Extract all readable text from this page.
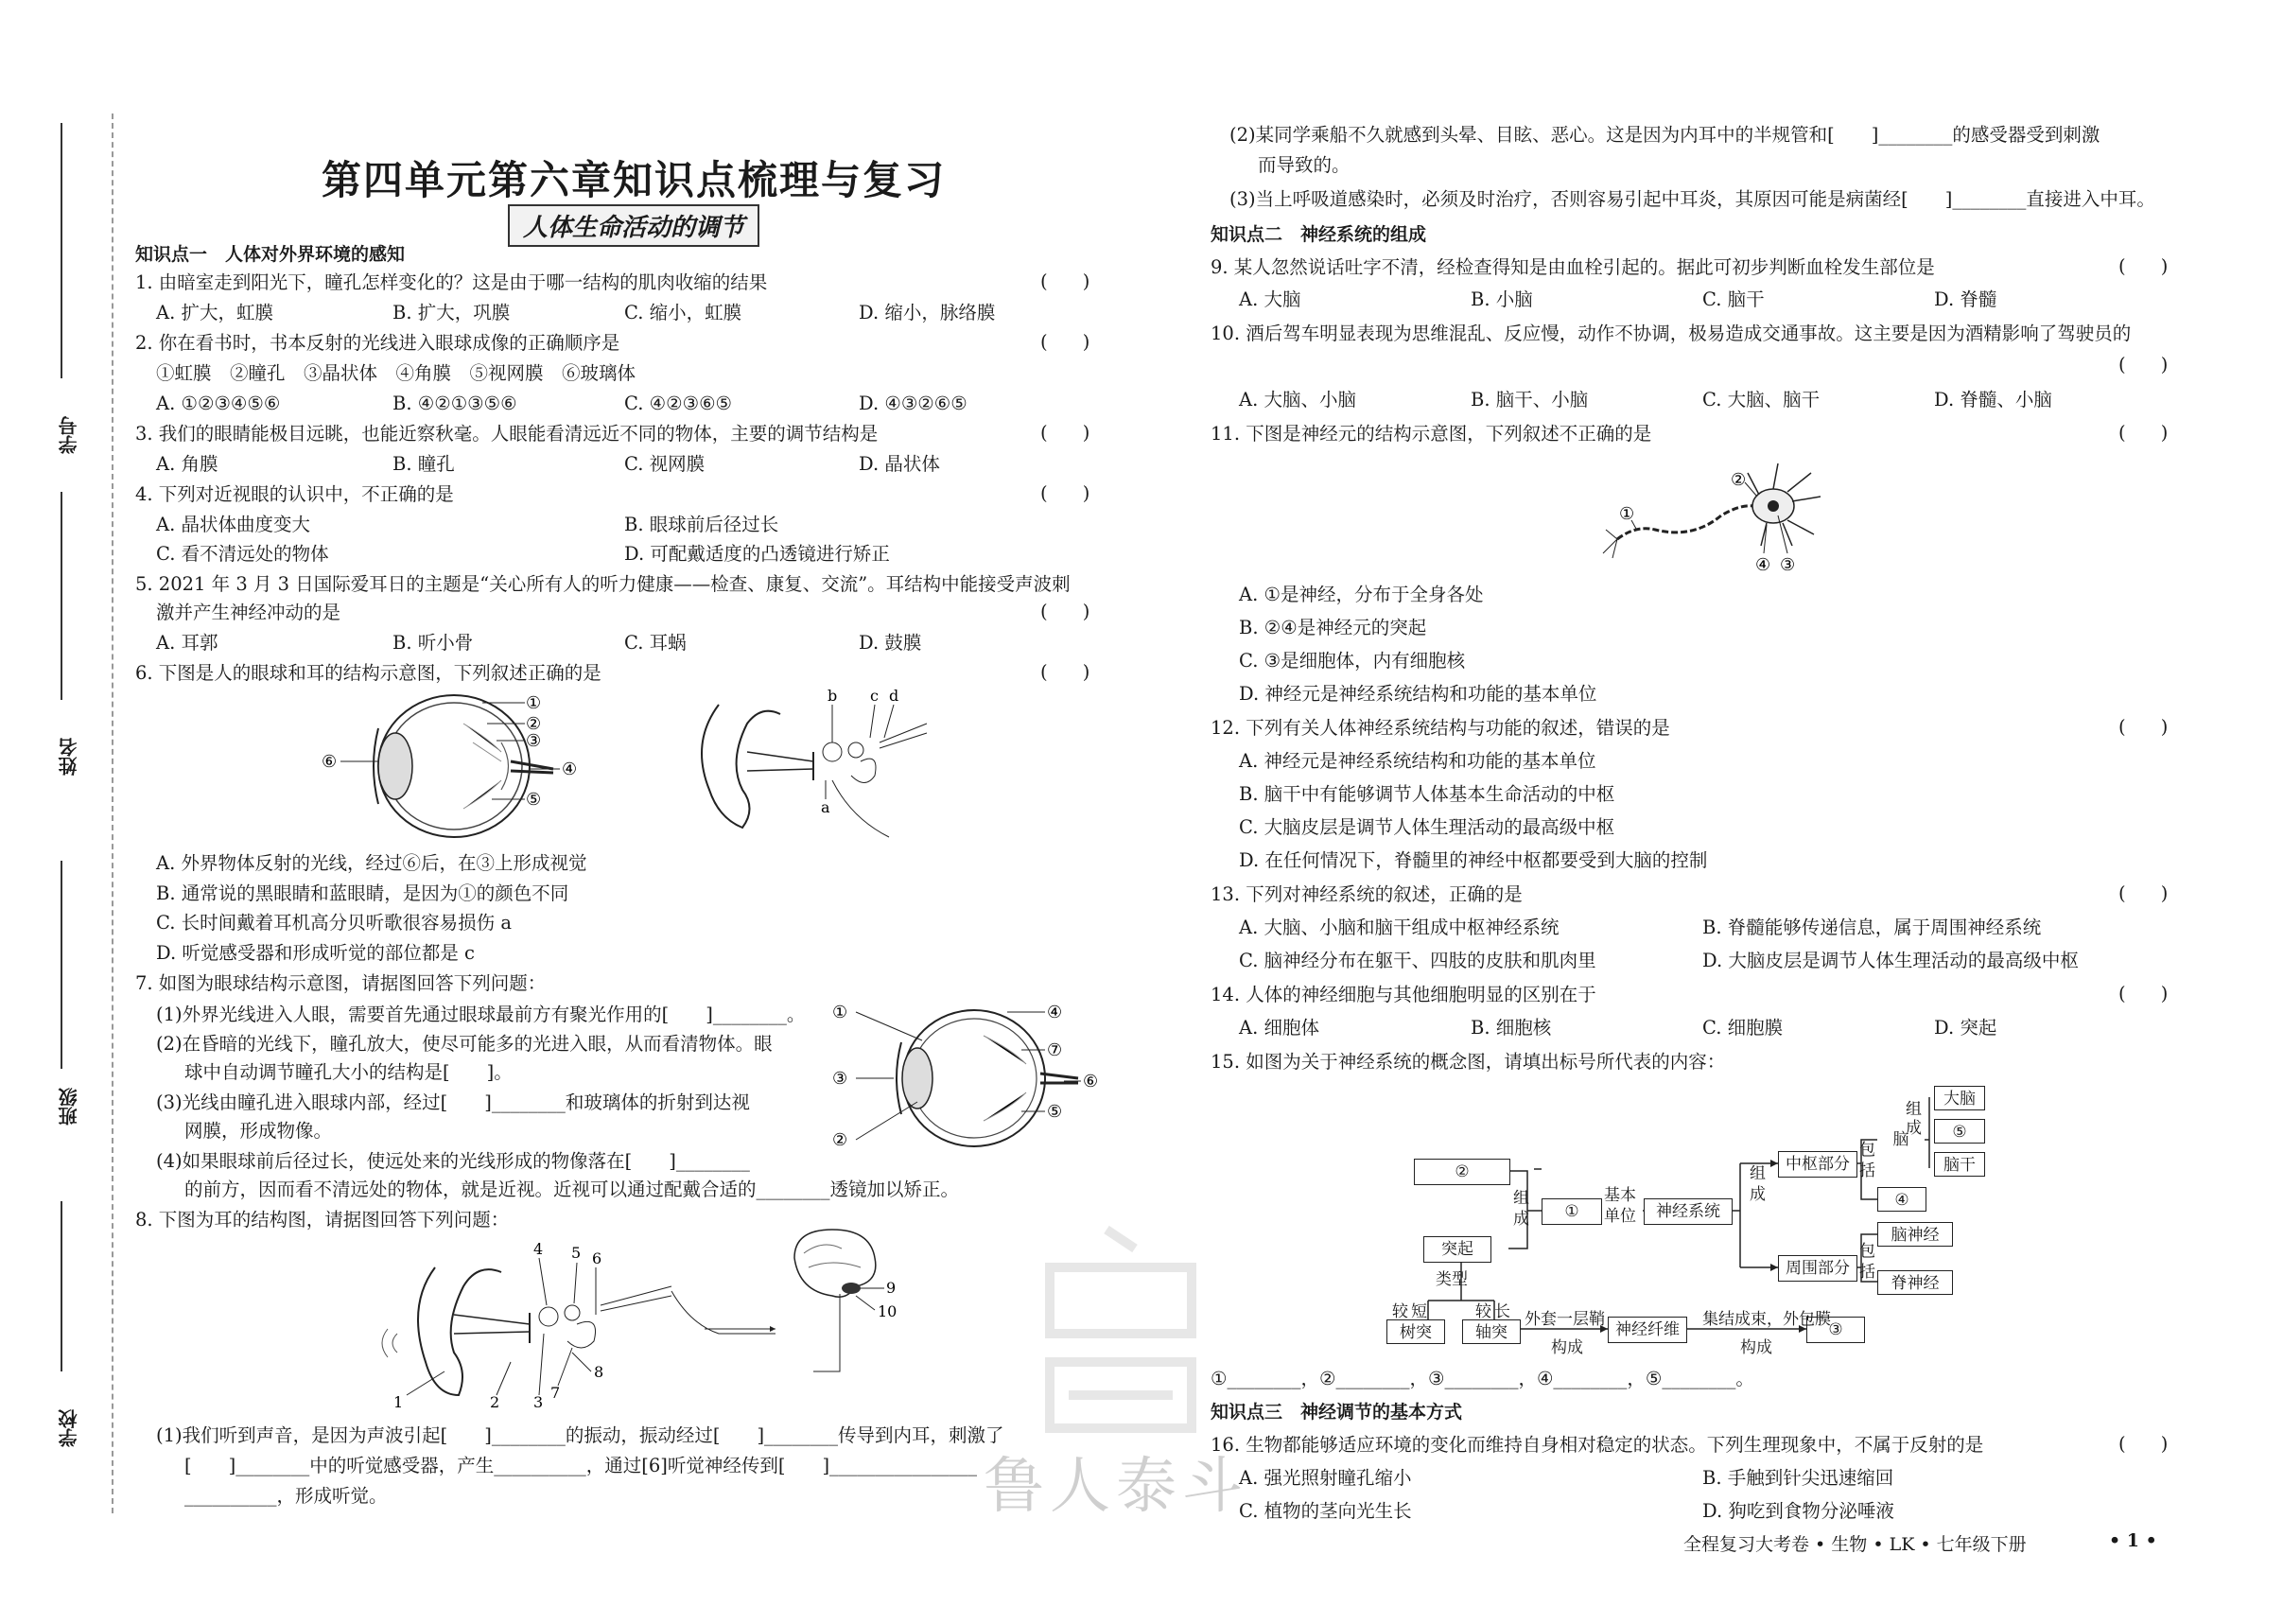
学号
姓名
班级
学校
第四单元第六章知识点梳理与复习
人体生命活动的调节
知识点一　人体对外界环境的感知
1. 由暗室走到阳光下，瞳孔怎样变化的？这是由于哪一结构的肌肉收缩的结果	(      )
A. 扩大，虹膜	B. 扩大，巩膜	C. 缩小，虹膜	D. 缩小，脉络膜
2. 你在看书时，书本反射的光线进入眼球成像的正确顺序是	(      )
①虹膜　②瞳孔　③晶状体　④角膜　⑤视网膜　⑥玻璃体
A. ①②③④⑤⑥	B. ④②①③⑤⑥	C. ④②③⑥⑤	D. ④③②⑥⑤
3. 我们的眼睛能极目远眺，也能近察秋毫。人眼能看清远近不同的物体，主要的调节结构是	(      )
A. 角膜	B. 瞳孔	C. 视网膜	D. 晶状体
4. 下列对近视眼的认识中，不正确的是	(      )
A. 晶状体曲度变大	B. 眼球前后径过长
C. 看不清远处的物体	D. 可配戴适度的凸透镜进行矫正
5. 2021 年 3 月 3 日国际爱耳日的主题是“关心所有人的听力健康——检查、康复、交流”。耳结构中能接受声波刺
激并产生神经冲动的是	(      )
A. 耳郭	B. 听小骨	C. 耳蜗	D. 鼓膜
6. 下图是人的眼球和耳的结构示意图，下列叙述正确的是	(      )
①
②
③
④
⑤
⑥
b c d
a
A. 外界物体反射的光线，经过⑥后，在③上形成视觉
B. 通常说的黑眼睛和蓝眼睛，是因为①的颜色不同
C. 长时间戴着耳机高分贝听歌很容易损伤 a
D. 听觉感受器和形成听觉的部位都是 c
7. 如图为眼球结构示意图，请据图回答下列问题：
(1)外界光线进入人眼，需要首先通过眼球最前方有聚光作用的[　　]________。
(2)在昏暗的光线下，瞳孔放大，使尽可能多的光进入眼，从而看清物体。眼
球中自动调节瞳孔大小的结构是[　　]。
(3)光线由瞳孔进入眼球内部，经过[　　]________和玻璃体的折射到达视
网膜，形成物像。
(4)如果眼球前后径过长，使远处来的光线形成的物像落在[　　]________
的前方，因而看不清远处的物体，就是近视。近视可以通过配戴合适的________透镜加以矫正。
①	④
⑦
⑥
③
②
⑤
8. 下图为耳的结构图，请据图回答下列问题：
1	2 3
4 5 6
7
8
9
10
(1)我们听到声音，是因为声波引起[　　]________的振动，振动经过[　　]________传导到内耳，刺激了
[　　]________中的听觉感受器，产生__________，通过[6]听觉神经传到[　　]________________
__________，形成听觉。
(2)某同学乘船不久就感到头晕、目眩、恶心。这是因为内耳中的半规管和[　　]________的感受器受到刺激
而导致的。
(3)当上呼吸道感染时，必须及时治疗，否则容易引起中耳炎，其原因可能是病菌经[　　]________直接进入中耳。
知识点二　神经系统的组成
9. 某人忽然说话吐字不清，经检查得知是由血栓引起的。据此可初步判断血栓发生部位是	(      )
A. 大脑	B. 小脑	C. 脑干	D. 脊髓
10. 酒后驾车明显表现为思维混乱、反应慢，动作不协调，极易造成交通事故。这主要是因为酒精影响了驾驶员的
(      )
A. 大脑、小脑	B. 脑干、小脑	C. 大脑、脑干	D. 脊髓、小脑
11. 下图是神经元的结构示意图，下列叙述不正确的是	(      )
①
②
④ ③
A. ①是神经，分布于全身各处
B. ②④是神经元的突起
C. ③是细胞体，内有细胞核
D. 神经元是神经系统结构和功能的基本单位
12. 下列有关人体神经系统结构与功能的叙述，错误的是	(      )
A. 神经元是神经系统结构和功能的基本单位
B. 脑干中有能够调节人体基本生命活动的中枢
C. 大脑皮层是调节人体生理活动的最高级中枢
D. 在任何情况下，脊髓里的神经中枢都要受到大脑的控制
13. 下列对神经系统的叙述，正确的是	(      )
A. 大脑、小脑和脑干组成中枢神经系统	B. 脊髓能够传递信息，属于周围神经系统
C. 脑神经分布在躯干、四肢的皮肤和肌肉里	D. 大脑皮层是调节人体生理活动的最高级中枢
14. 人体的神经细胞与其他细胞明显的区别在于	(      )
A. 细胞体	B. 细胞核	C. 细胞膜	D. 突起
15. 如图为关于神经系统的概念图，请填出标号所代表的内容：
②
①	神经系统
中枢部分
周围部分
脑
大脑
⑤
脑干
④
脑神经
脊神经
突起
类型
树突	轴突	神经纤维	③
组成
基本单位
组成
包括
包括
组成
较 短	较 长 外套一层鞘
构成
集结成束，外包膜
构成
①________，②________，③________，④________，⑤________。
知识点三　神经调节的基本方式
16. 生物都能够适应环境的变化而维持自身相对稳定的状态。下列生理现象中，不属于反射的是	(      )
A. 强光照射瞳孔缩小	B. 手触到针尖迅速缩回
C. 植物的茎向光生长	D. 狗吃到食物分泌唾液
鲁人泰斗
全程复习大考卷 • 生物 • LK • 七年级下册	• 1 •
